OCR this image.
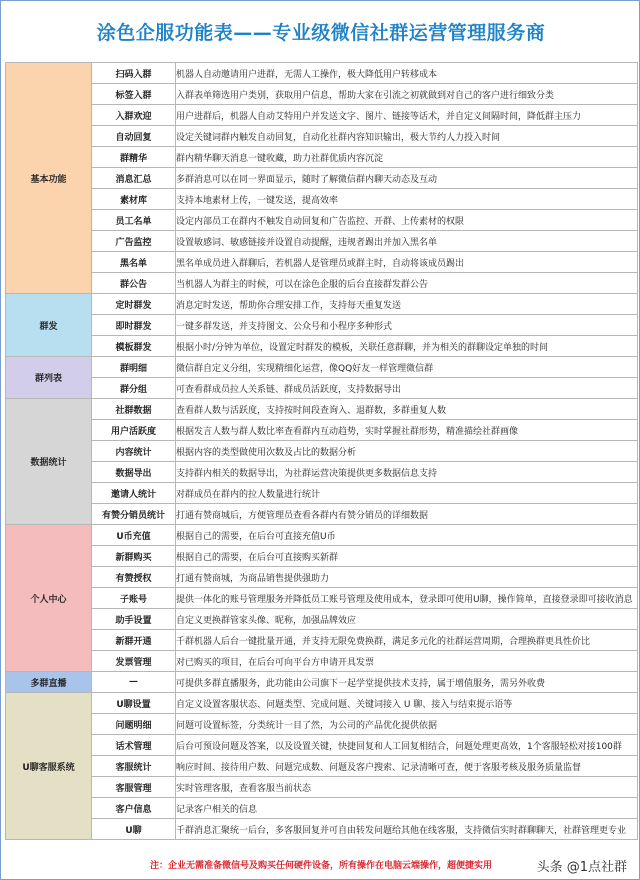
涂色企服功能表——专业级微信社群运营管理服务商
基本功能	扫码入群	机器人自动邀请用户进群，无需人工操作，极大降低用户转移成本
	标签入群	入群表单筛选用户类别，获取用户信息，帮助大家在引流之初就做到对自己的客户进行细致分类
	入群欢迎	用户进群后，机器人自动艾特用户并发送文字、图片、链接等话术，并自定义间隔时间，降低群主压力
	自动回复	设定关键词群内触发自动回复，自动化社群内容知识输出，极大节约人力投入时间
	群精华	群内精华聊天消息一键收藏，助力社群优质内容沉淀
	消息汇总	多群消息可以在同一界面显示，随时了解微信群内聊天动态及互动
	素材库	支持本地素材上传，一键发送，提高效率
	员工名单	设定内部员工在群内不触发自动回复和广告监控、开群、上传素材的权限
	广告监控	设置敏感词、敏感链接并设置自动提醒，违规者踢出并加入黑名单
	黑名单	黑名单成员进入群聊后，若机器人是管理员或群主时，自动将该成员踢出
	群公告	当机器人为群主的时候，可以在涂色企服的后台直接群发群公告
群发	定时群发	消息定时发送，帮助你合理安排工作，支持每天重复发送
	即时群发	一键多群发送，并支持图文、公众号和小程序多种形式
	模板群发	根据小时/分钟为单位，设置定时群发的模板，关联任意群聊，并为相关的群聊设定单独的时间
群列表	群明细	微信群自定义分组，实现精细化运营，像QQ好友一样管理微信群
	群分组	可查看群成员拉人关系链、群成员活跃度，支持数据导出
数据统计	社群数据	查看群人数与活跃度，支持按时间段查询入、退群数，多群重复人数
	用户活跃度	根据发言人数与群人数比率查看群内互动趋势，实时掌握社群形势，精准描绘社群画像
	内容统计	根据内容的类型做使用次数及占比的数据分析
	数据导出	支持群内相关的数据导出，为社群运营决策提供更多数据信息支持
	邀请人统计	对群成员在群内的拉人数量进行统计
	有赞分销员统计	打通有赞商城后，方便管理员查看各群内有赞分销员的详细数据
个人中心	U币充值	根据自己的需要，在后台可直接充值U币
	新群购买	根据自己的需要，在后台可直接购买新群
	有赞授权	打通有赞商城，为商品销售提供强助力
	子账号	提供一体化的账号管理服务并降低员工账号管理及使用成本，登录即可使用U聊，操作简单，直接登录即可接收消息
	助手设置	自定义更换群管家头像、昵称，加强品牌效应
	新群开通	千群机器人后台一键批量开通，并支持无限免费换群，满足多元化的社群运营周期，合理换群更具性价比
	发票管理	对已购买的项目，在后台可向平台方申请开具发票
多群直播	—	可提供多群直播服务，此功能由公司旗下一起学堂提供技术支持，属于增值服务，需另外收费
U聊客服系统	U聊设置	自定义设置客服状态、问题类型、完成问题、关键词接入 U 聊、接入与结束提示语等
	问题明细	问题可设置标签，分类统计一目了然，为公司的产品优化提供依据
	话术管理	后台可预设问题及答案，以及设置关键，快捷回复和人工回复相结合，问题处理更高效，1个客服轻松对接100群
	客服统计	响应时间、接待用户数、问题完成数、问题及客户搜索、记录清晰可查，便于客服考核及服务质量监督
	客服管理	实时管理客服，查看客服当前状态
	客户信息	记录客户相关的信息
	U聊	千群消息汇聚统一后台，多客服回复并可自由转发问题给其他在线客服，支持微信实时群聊聊天，社群管理更专业
注：企业无需准备微信号及购买任何硬件设备，所有操作在电脑云端操作，超便捷实用	头条 @1点社群
